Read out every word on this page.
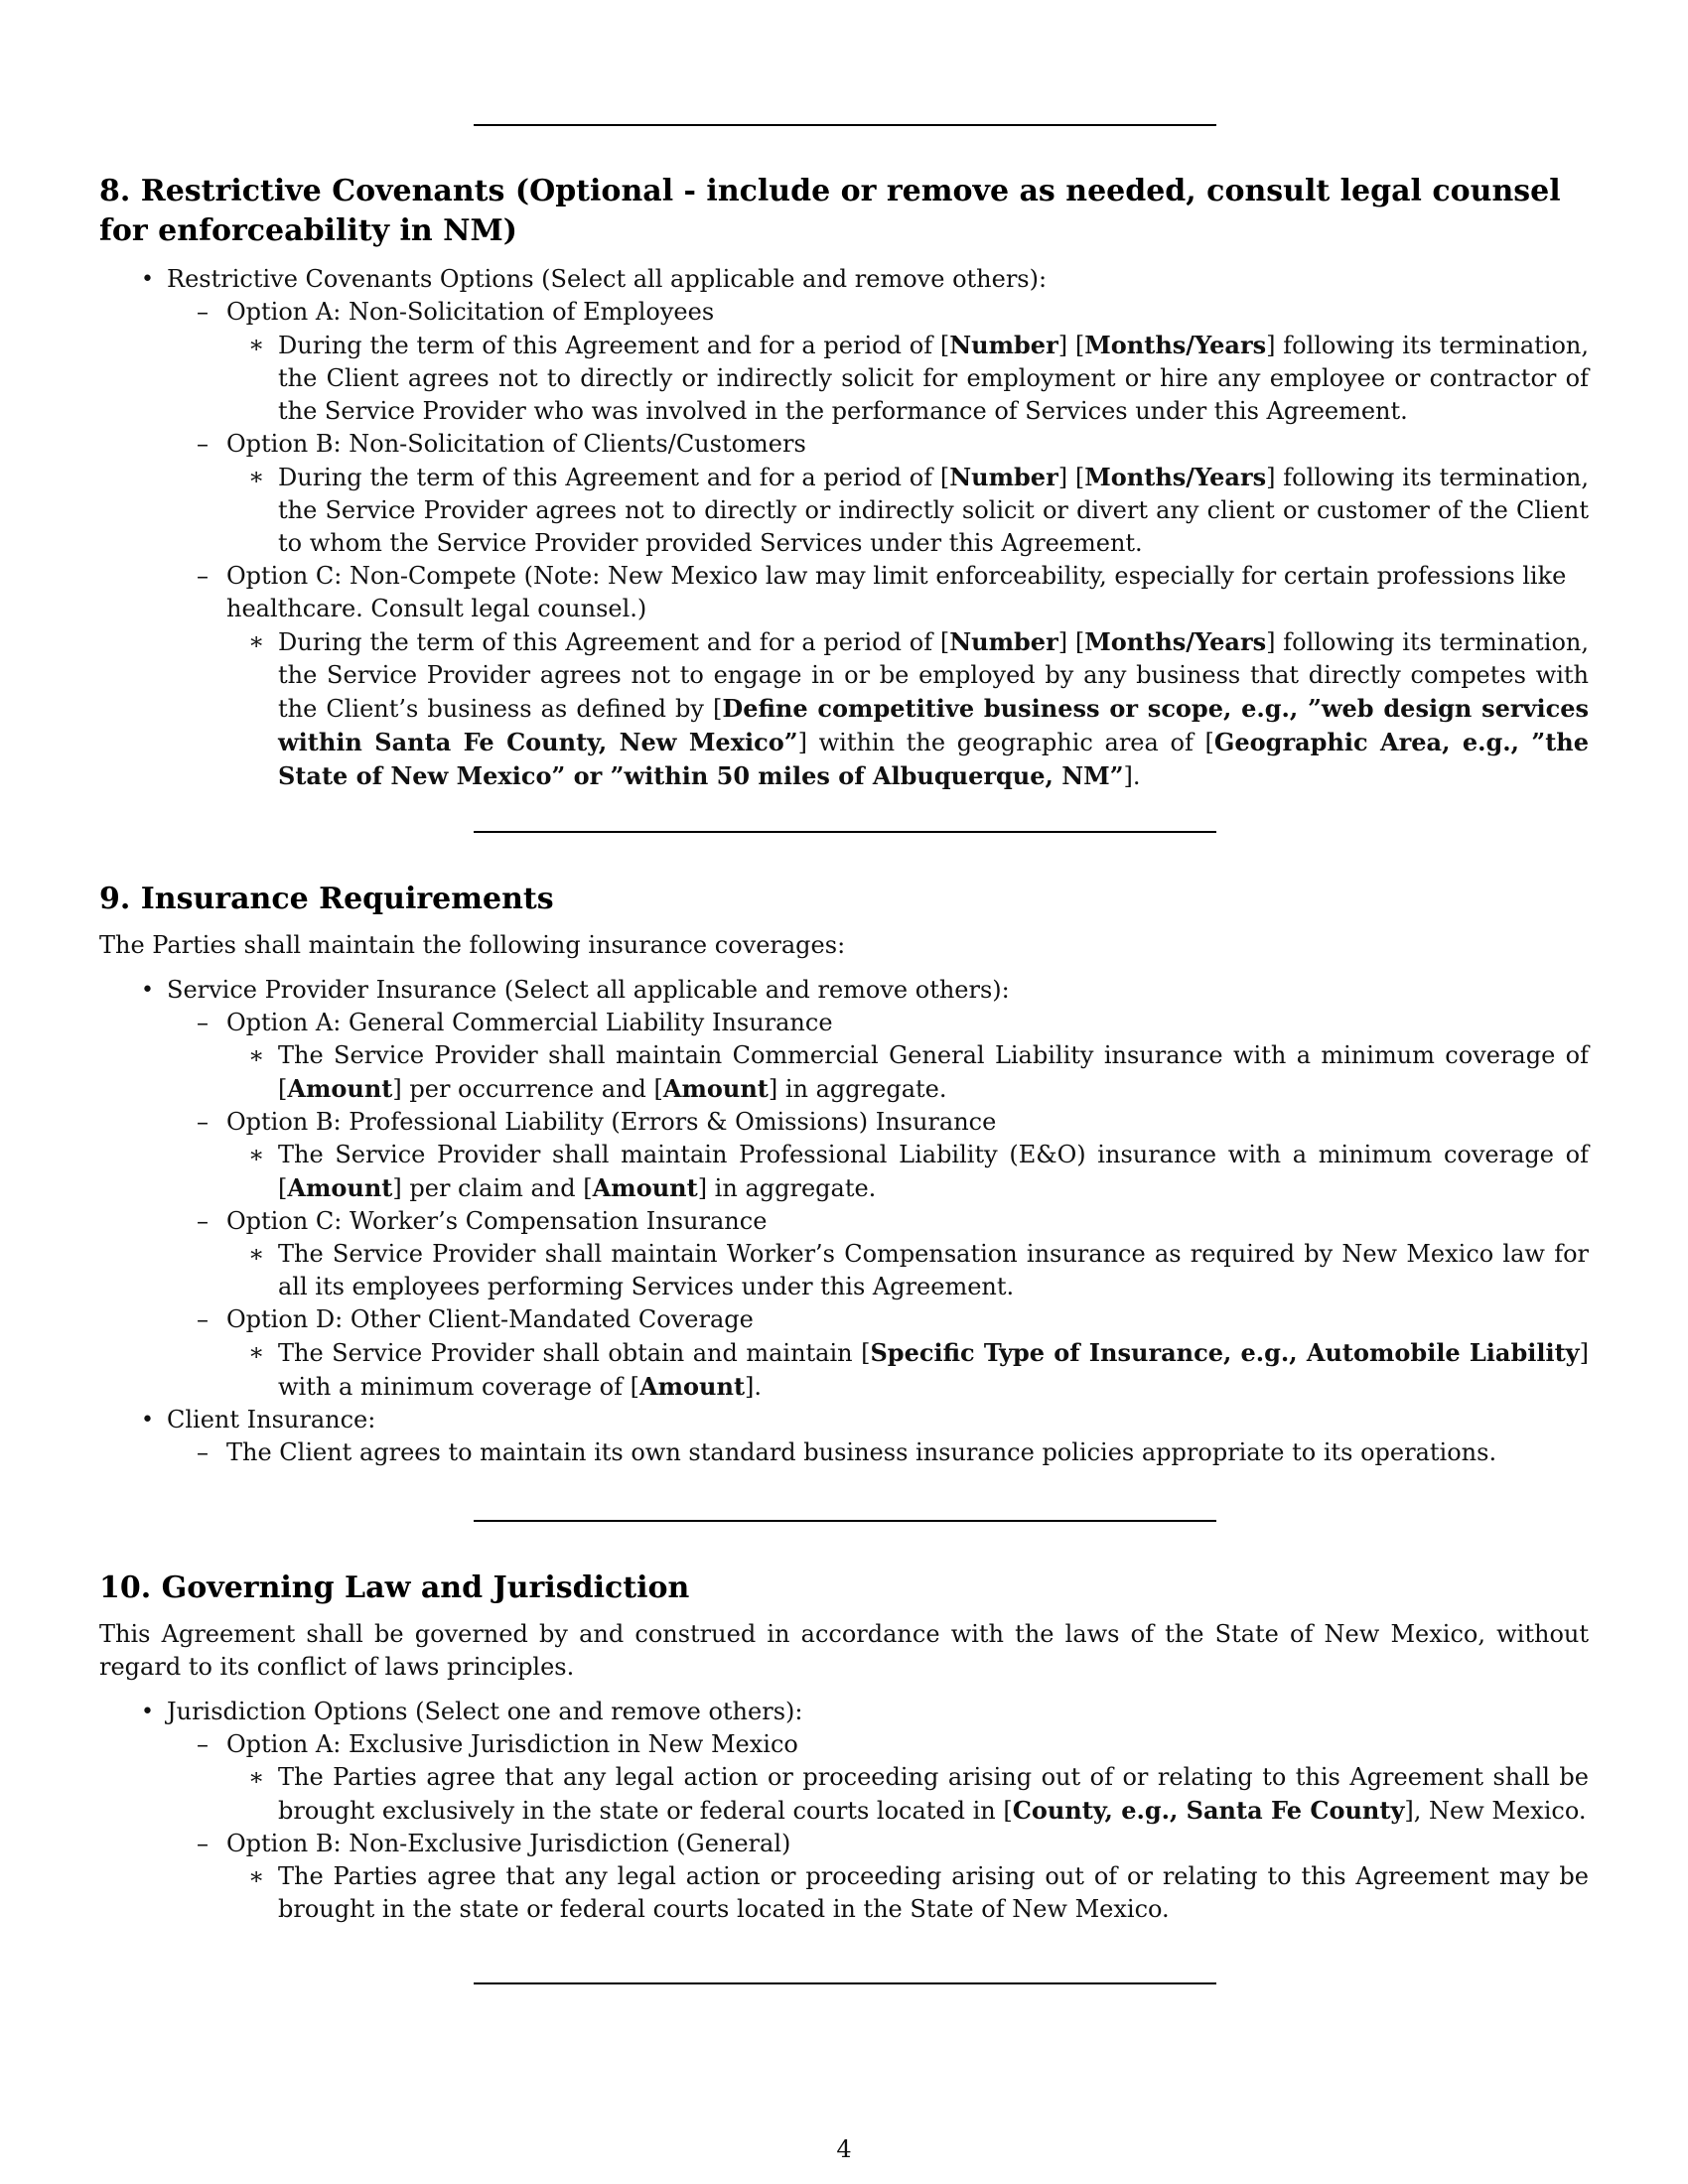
8. Restrictive Covenants (Optional - include or remove as needed, consult legal counsel for enforceability in NM)
• Restrictive Covenants Options (Select all applicable and remove others):
– Option A: Non-Solicitation of Employees
∗ During the term of this Agreement and for a period of [Number] [Months/Years] following its termination, the Client agrees not to directly or indirectly solicit for employment or hire any employee or contractor of the Service Provider who was involved in the performance of Services under this Agreement.
– Option B: Non-Solicitation of Clients/Customers
∗ During the term of this Agreement and for a period of [Number] [Months/Years] following its termination, the Service Provider agrees not to directly or indirectly solicit or divert any client or customer of the Client to whom the Service Provider provided Services under this Agreement.
– Option C: Non-Compete (Note: New Mexico law may limit enforceability, especially for certain professions like healthcare. Consult legal counsel.)
∗ During the term of this Agreement and for a period of [Number] [Months/Years] following its termination, the Service Provider agrees not to engage in or be employed by any business that directly competes with the Client’s business as defined by [Define competitive business or scope, e.g., ”web design services within Santa Fe County, New Mexico”] within the geographic area of [Geographic Area, e.g., ”the State of New Mexico” or ”within 50 miles of Albuquerque, NM”].
9. Insurance Requirements

The Parties shall maintain the following insurance coverages:

• Service Provider Insurance (Select all applicable and remove others):
– Option A: General Commercial Liability Insurance
∗ The Service Provider shall maintain Commercial General Liability insurance with a minimum coverage of [Amount] per occurrence and [Amount] in aggregate.
– Option B: Professional Liability (Errors & Omissions) Insurance
∗ The Service Provider shall maintain Professional Liability (E&O) insurance with a minimum coverage of [Amount] per claim and [Amount] in aggregate.
– Option C: Worker’s Compensation Insurance
∗ The Service Provider shall maintain Worker’s Compensation insurance as required by New Mexico law for all its employees performing Services under this Agreement.
– Option D: Other Client-Mandated Coverage
∗ The Service Provider shall obtain and maintain [Specific Type of Insurance, e.g., Automobile Liability] with a minimum coverage of [Amount].
• Client Insurance:
– The Client agrees to maintain its own standard business insurance policies appropriate to its operations.
10. Governing Law and Jurisdiction

This Agreement shall be governed by and construed in accordance with the laws of the State of New Mexico, without regard to its conflict of laws principles.

• Jurisdiction Options (Select one and remove others):
– Option A: Exclusive Jurisdiction in New Mexico
∗ The Parties agree that any legal action or proceeding arising out of or relating to this Agreement shall be brought exclusively in the state or federal courts located in [County, e.g., Santa Fe County], New Mexico.
– Option B: Non-Exclusive Jurisdiction (General)
∗ The Parties agree that any legal action or proceeding arising out of or relating to this Agreement may be brought in the state or federal courts located in the State of New Mexico.
4
